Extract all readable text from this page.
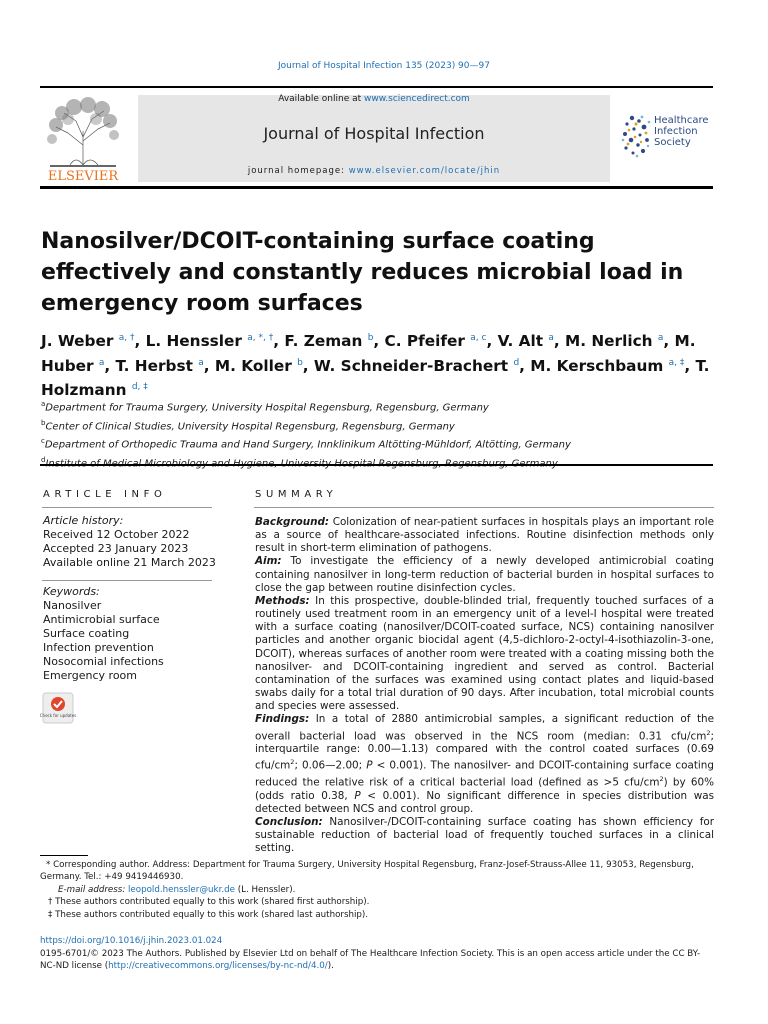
Journal of Hospital Infection 135 (2023) 90—97
ELSEVIER
Available online at www.sciencedirect.com
Journal of Hospital Infection
journal homepage: www.elsevier.com/locate/jhin
Healthcare
Infection
Society
Nanosilver/DCOIT-containing surface coating effectively and constantly reduces microbial load in emergency room surfaces
J. Weber $^{a, \dagger}$, L. Henssler $^{a, *, \dagger}$, F. Zeman $^b$, C. Pfeifer $^{a, c}$, V. Alt $^a$, M. Nerlich $^a$, M. Huber $^a$, T. Herbst $^a$, M. Koller $^b$, W. Schneider-Brachert $^d$, M. Kerschbaum $^{a, \ddagger}$, T. Holzmann $^{d, \ddagger}$
$^a$Department for Trauma Surgery, University Hospital Regensburg, Regensburg, Germany
$^b$Center of Clinical Studies, University Hospital Regensburg, Regensburg, Germany
$^c$Department of Orthopedic Trauma and Hand Surgery, Innklinikum Altötting-Mühldorf, Altötting, Germany
$^d$
ARTICLE INFO
Article history:
Received 12 October 2022
Accepted 23 January 2023
Available online 21 March 2023
Keywords:
Nanosilver
Antimicrobial surface
Surface coating
Infection prevention
Nosocomial infections
Emergency room
Check for updates
SUMMARY

Background: Colonization of near-patient surfaces in hospitals plays an important role as a source of healthcare-associated infections. Routine disinfection methods only result in short-term elimination of pathogens.

Aim: To investigate the efficiency of a newly developed antimicrobial coating containing nanosilver in long-term reduction of bacterial burden in hospital surfaces to close the gap between routine disinfection cycles.

Methods: In this prospective, double-blinded trial, frequently touched surfaces of a routinely used treatment room in an emergency unit of a level-I hospital were treated with a surface coating (nanosilver/DCOIT-coated surface, NCS) containing nanosilver particles and another organic biocidal agent (4,5-dichloro-2-octyl-4-isothiazolin-3-one, DCOIT), whereas surfaces of another room were treated with a coating missing both the nanosilver- and DCOIT-containing ingredient and served as control. Bacterial contamination of the surfaces was examined using contact plates and liquid-based swabs daily for a total trial duration of 90 days. After incubation, total microbial counts and species were assessed.

Findings: In a total of 2880 antimicrobial samples, a significant reduction of the overall bacterial load was observed in the NCS room (median: 0.31 cfu/$cm^2$; interquartile range: 0.00—1.13) compared with the control coated surfaces (0.69 cfu/$cm^2$; 0.06—2.00; P < 0.001). The nanosilver- and DCOIT-containing surface coating reduced the relative risk of a critical bacterial load (defined as >5 cfu/$cm^2$) by 60% (odds ratio 0.38, P < 0.001). No significant difference in species distribution was detected between NCS and control group.

Conclusion: Nanosilver-/DCOIT-containing surface coating has shown efficiency for sustainable reduction of bacterial load of frequently touched surfaces in a clinical setting.

* Corresponding author. Address: Department for Trauma Surgery, University Hospital Regensburg, Franz-Josef-Strauss-Allee 11, 93053, Regensburg, Germany. Tel.: +49 9419446930.

E-mail address: leopold.henssler@ukr.de (L. Henssler).

† These authors contributed equally to this work (shared first authorship).

‡ These authors contributed equally to this work (shared last authorship).

https://doi.org/10.1016/j.jhin.2023.01.024
0195-6701/© 2023 The Authors. Published by Elsevier Ltd on behalf of The Healthcare Infection Society. This is an open access article under the CC BY-NC-ND license (http://creativecommons.org/licenses/by-nc-nd/4.0/).
